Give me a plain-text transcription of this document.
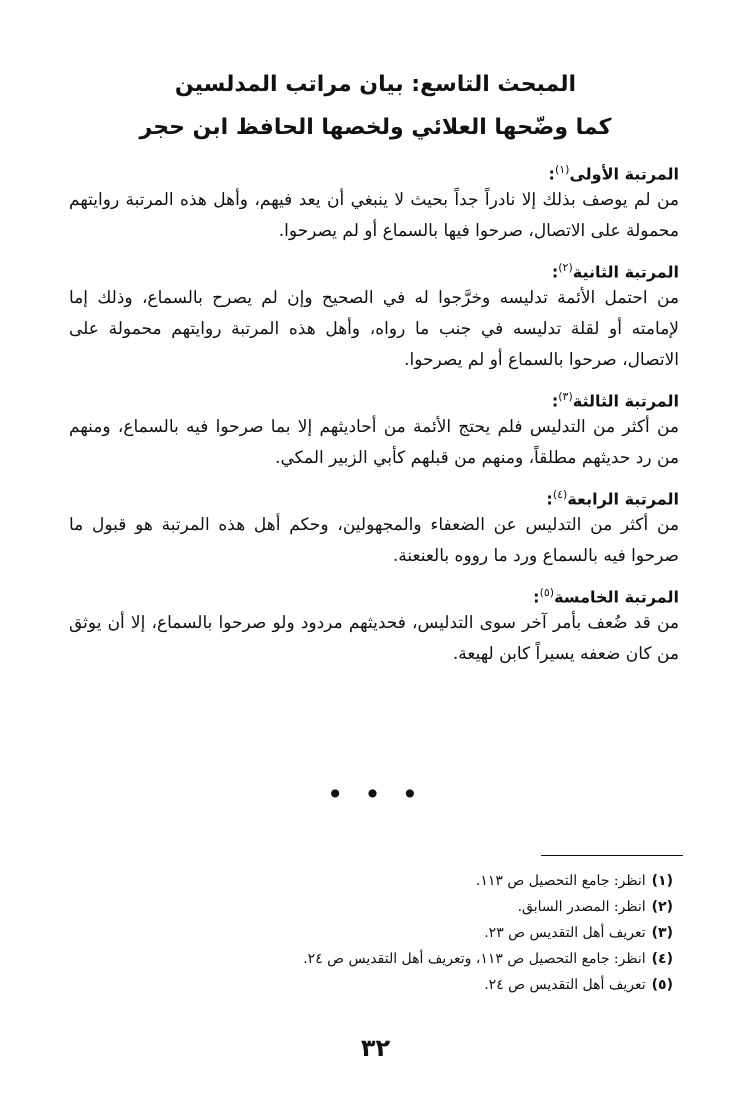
المبحث التاسع: بيان مراتب المدلسين
كما وضّحها العلائي ولخصها الحافظ ابن حجر
المرتبة الأولى$^{(١)}$:
من لم يوصف بذلك إلا نادراً جداً بحيث لا ينبغي أن يعد فيهم، وأهل هذه المرتبة روايتهم محمولة على الاتصال، صرحوا فيها بالسماع أو لم يصرحوا.
المرتبة الثانية$^{(٢)}$:
من احتمل الأئمة تدليسه وخرَّجوا له في الصحيح وإن لم يصرح بالسماع، وذلك إما لإمامته أو لقلة تدليسه في جنب ما رواه، وأهل هذه المرتبة روايتهم محمولة على الاتصال، صرحوا بالسماع أو لم يصرحوا.
المرتبة الثالثة$^{(٣)}$:
من أكثر من التدليس فلم يحتج الأئمة من أحاديثهم إلا بما صرحوا فيه بالسماع، ومنهم من رد حديثهم مطلقاً، ومنهم من قبلهم كأبي الزبير المكي.
المرتبة الرابعة$^{(٤)}$:
من أكثر من التدليس عن الضعفاء والمجهولين، وحكم أهل هذه المرتبة هو قبول ما صرحوا فيه بالسماع ورد ما رووه بالعنعنة.
المرتبة الخامسة$^{(٥)}$:
من قد ضُعف بأمر آخر سوى التدليس، فحديثهم مردود ولو صرحوا بالسماع، إلا أن يوثق من كان ضعفه يسيراً كابن لهيعة.
• • •
(١)انظر: جامع التحصيل ص ١١٣.
(٢)انظر: المصدر السابق.
(٣)تعريف أهل التقديس ص ٢٣.
(٤)انظر: جامع التحصيل ص ١١٣، وتعريف أهل التقديس ص ٢٤.
(٥)تعريف أهل التقديس ص ٢٤.
٣٢
